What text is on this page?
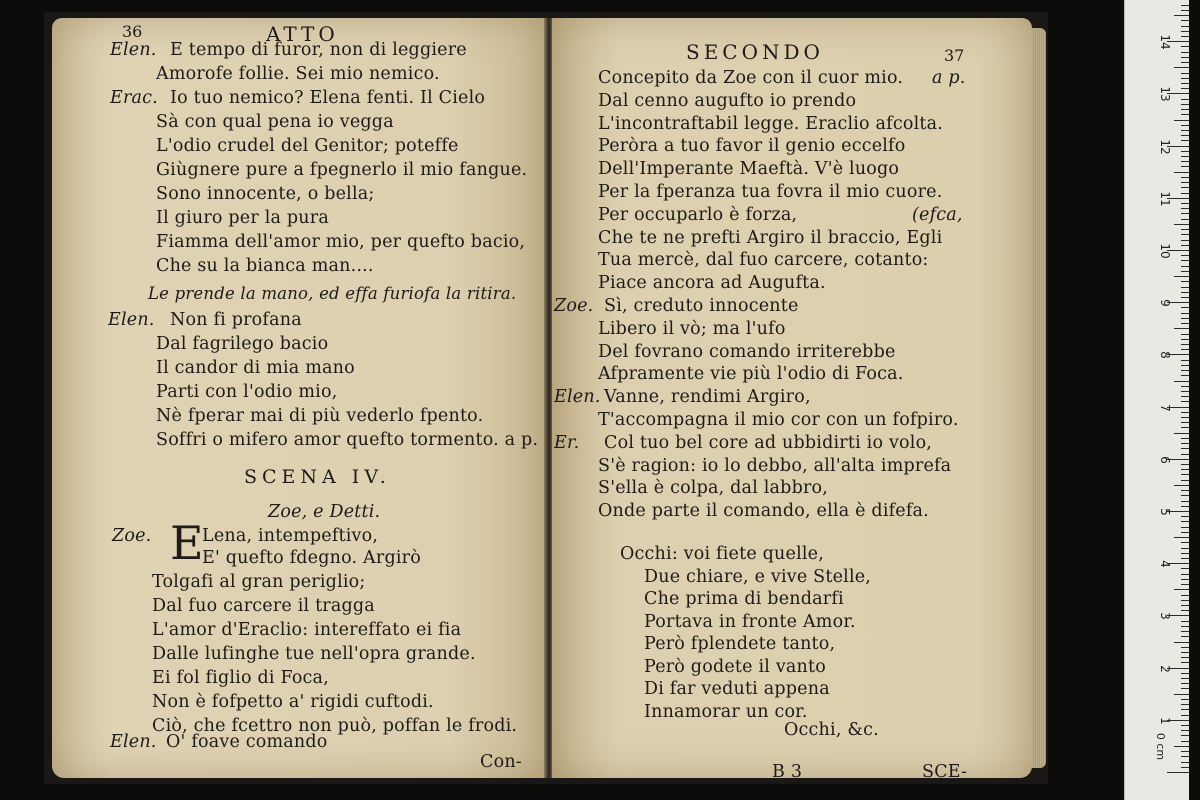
36	ATTO
Elen. E tempo di furor, non di leggiere
Amorofe follie. Sei mio nemico.
Erac. Io tuo nemico? Elena fenti. Il Cielo
Sà con qual pena io vegga
L'odio crudel del Genitor; poteffe
Giùgnere pure a fpegnerlo il mio fangue.
Sono innocente, o bella;
Il giuro per la pura
Fiamma dell'amor mio, per quefto bacio,
Che su la bianca man....
Le prende la mano, ed effa furiofa la ritira.
Elen. Non fi profana
Dal fagrilego bacio
Il candor di mia mano
Parti con l'odio mio,
Nè fperar mai di più vederlo fpento.
Soffri o mifero amor quefto tormento. a p.
SCENA IV.
Zoe, e Detti.
Zoe. E
Lena, intempeftivo,
E' quefto fdegno. Argirò
Tolgafi al gran periglio;
Dal fuo carcere il tragga
L'amor d'Eraclio: intereffato ei fia
Dalle lufinghe tue nell'opra grande.
Ei fol figlio di Foca,
Non è fofpetto a' rigidi cuftodi.
Ciò, che fcettro non può, poffan le frodi.
Elen. O' foave comando
Con-
SECONDO	37
Concepito da Zoe con il cuor mio. a p.
Dal cenno augufto io prendo
L'incontraftabil legge. Eraclio afcolta.
Peròra a tuo favor il genio eccelfo
Dell'Imperante Maeftà. V'è luogo
Per la fperanza tua fovra il mio cuore.
Per occuparlo è forza,	(efca,
Che te ne prefti Argiro il braccio, Egli
Tua mercè, dal fuo carcere, cotanto:
Piace ancora ad Augufta.
Zoe. Sì, creduto innocente
Libero il vò; ma l'ufo
Del fovrano comando irriterebbe
Afpramente vie più l'odio di Foca.
Elen. Vanne, rendimi Argiro,
T'accompagna il mio cor con un fofpiro.
Er. Col tuo bel core ad ubbidirti io volo,
S'è ragion: io lo debbo, all'alta imprefa
S'ella è colpa, dal labbro,
Onde parte il comando, ella è difefa.
Occhi: voi fiete quelle,
Due chiare, e vive Stelle,
Che prima di bendarfi
Portava in fronte Amor.
Però fplendete tanto,
Però godete il vanto
Di far veduti appena
Innamorar un cor.
Occhi, &c.
B 3	SCE-
14
13
12
11
10
9
8
7
6
5
4
3
2
1
0 cm
